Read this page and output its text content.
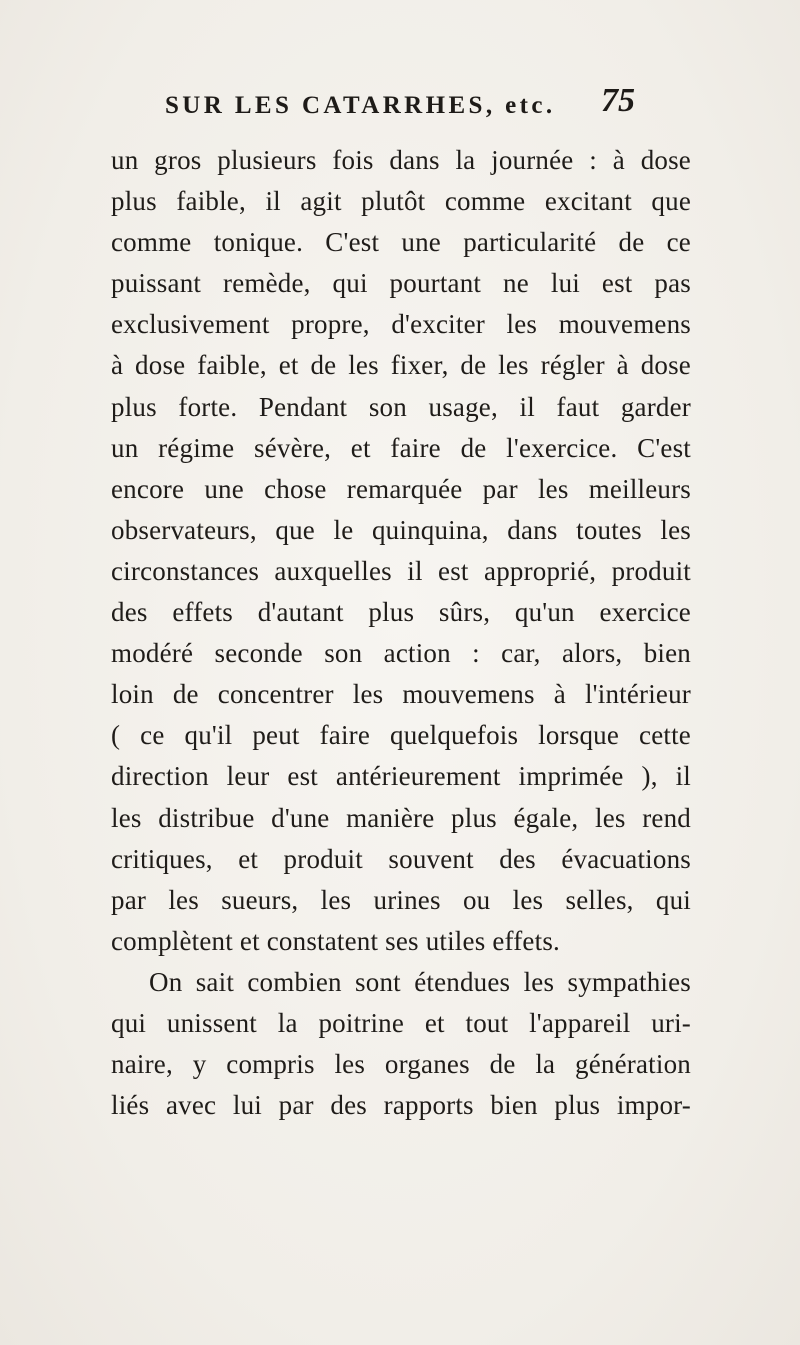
SUR LES CATARRHES, etc. 75
un gros plusieurs fois dans la journée : à dose
plus faible, il agit plutôt comme excitant que
comme tonique. C'est une particularité de ce
puissant remède, qui pourtant ne lui est pas
exclusivement propre, d'exciter les mouvemens
à dose faible, et de les fixer, de les régler à dose
plus forte. Pendant son usage, il faut garder
un régime sévère, et faire de l'exercice. C'est
encore une chose remarquée par les meilleurs
observateurs, que le quinquina, dans toutes les
circonstances auxquelles il est approprié, produit
des effets d'autant plus sûrs, qu'un exercice
modéré seconde son action : car, alors, bien
loin de concentrer les mouvemens à l'intérieur
( ce qu'il peut faire quelquefois lorsque cette
direction leur est antérieurement imprimée ), il
les distribue d'une manière plus égale, les rend
critiques, et produit souvent des évacuations
par les sueurs, les urines ou les selles, qui
complètent et constatent ses utiles effets.
On sait combien sont étendues les sympathies
qui unissent la poitrine et tout l'appareil uri-
naire, y compris les organes de la génération
liés avec lui par des rapports bien plus impor-
